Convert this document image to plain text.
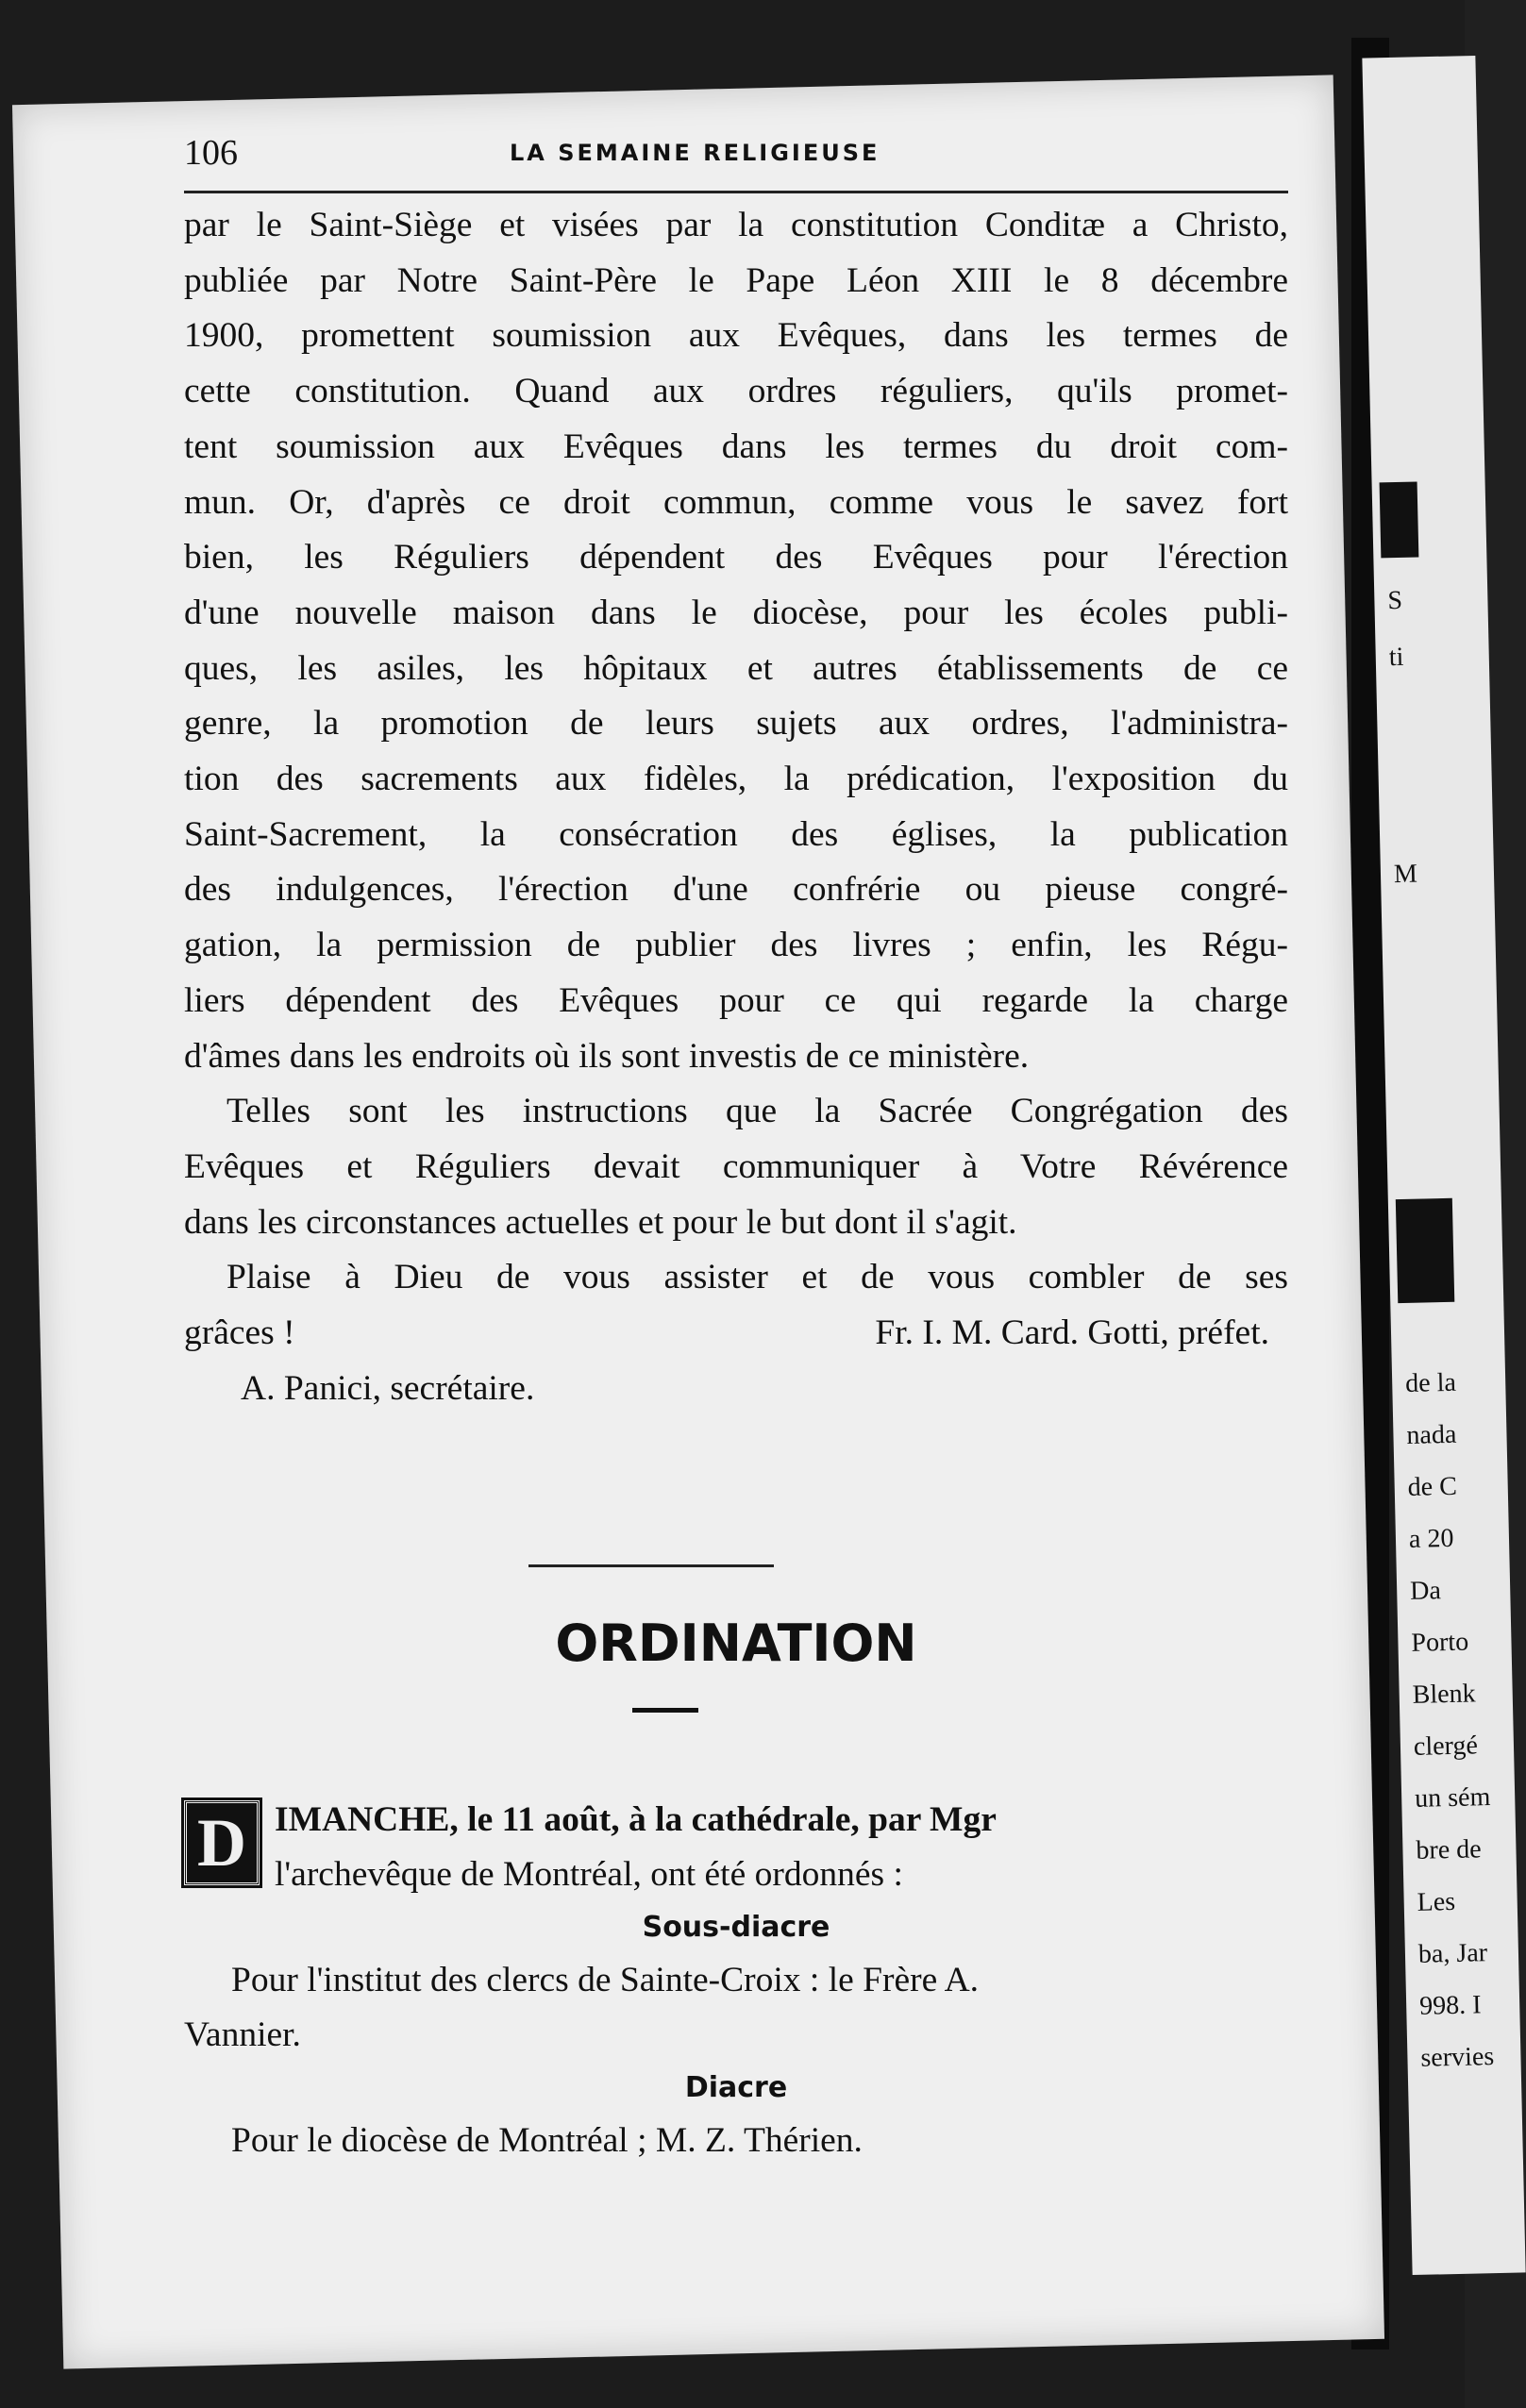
S
ti
M
de la
nada
de C
a 20
Da
Porto
Blenk
clergé
un sém
bre de
Les
ba, Jar
998. I
servies
106	LA SEMAINE RELIGIEUSE
par le Saint-Siège et visées par la constitution Conditæ a Christo,
publiée par Notre Saint-Père le Pape Léon XIII le 8 décembre
1900, promettent soumission aux Evêques, dans les termes de
cette constitution. Quand aux ordres réguliers, qu'ils promet-
tent soumission aux Evêques dans les termes du droit com-
mun. Or, d'après ce droit commun, comme vous le savez fort
bien, les Réguliers dépendent des Evêques pour l'érection
d'une nouvelle maison dans le diocèse, pour les écoles publi-
ques, les asiles, les hôpitaux et autres établissements de ce
genre, la promotion de leurs sujets aux ordres, l'administra-
tion des sacrements aux fidèles, la prédication, l'exposition du
Saint-Sacrement, la consécration des églises, la publication
des indulgences, l'érection d'une confrérie ou pieuse congré-
gation, la permission de publier des livres ; enfin, les Régu-
liers dépendent des Evêques pour ce qui regarde la charge
d'âmes dans les endroits où ils sont investis de ce ministère.
Telles sont les instructions que la Sacrée Congrégation des
Evêques et Réguliers devait communiquer à Votre Révérence
dans les circonstances actuelles et pour le but dont il s'agit.
Plaise à Dieu de vous assister et de vous combler de ses
grâces !	Fr. I. M. Card. Gotti, préfet.
A. Panici, secrétaire.
ORDINATION
D IMANCHE, le 11 août, à la cathédrale, par Mgr
l'archevêque de Montréal, ont été ordonnés :
Sous-diacre
Pour l'institut des clercs de Sainte-Croix : le Frère A.
Vannier.
Diacre
Pour le diocèse de Montréal ; M. Z. Thérien.
